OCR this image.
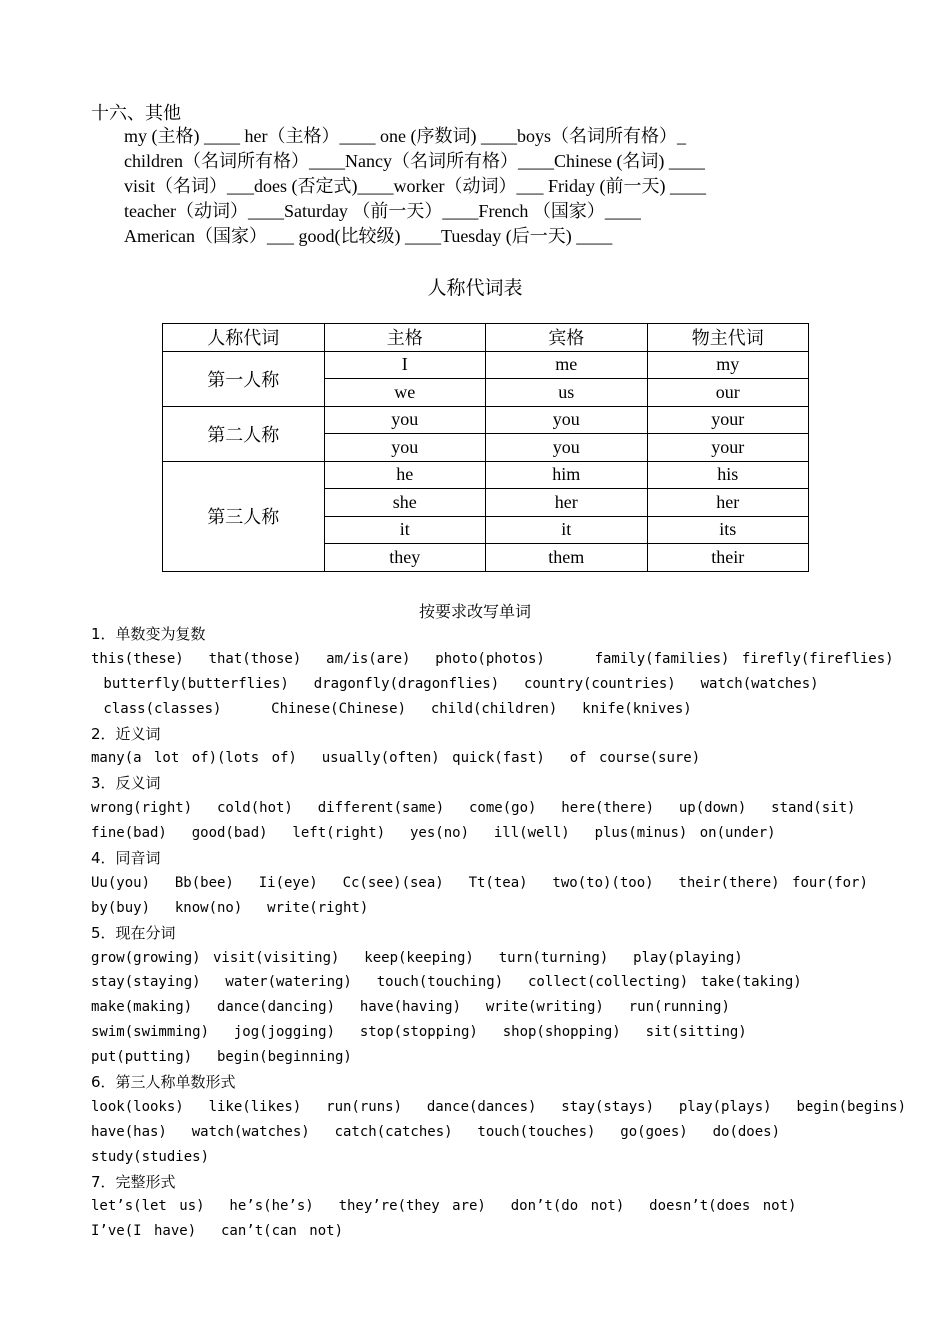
十六、其他
my (主格) ____ her（主格）____ one (序数词) ____boys（名词所有格）_
children（名词所有格）____Nancy（名词所有格）____Chinese (名词) ____
visit（名词）___does (否定式)____worker（动词）___ Friday (前一天) ____
teacher（动词）____Saturday （前一天）____French （国家）____
American（国家）___ good(比较级) ____Tuesday (后一天) ____
人称代词表
人称代词	主格	宾格	物主代词
第一人称	I	me	my
	we	us	our
第二人称	you	you	your
	you	you	your
第三人称	he	him	his
	she	her	her
	it	it	its
	they	them	their
按要求改写单词
1．单数变为复数
this(these)  that(those)  am/is(are)  photo(photos)    family(families) firefly(fireflies)
butterfly(butterflies)  dragonfly(dragonflies)  country(countries)  watch(watches)
class(classes)    Chinese(Chinese)  child(children)  knife(knives)
2．近义词
many(a lot of)(lots of)  usually(often) quick(fast)  of course(sure)
3．反义词
wrong(right)  cold(hot)  different(same)  come(go)  here(there)  up(down)  stand(sit)
fine(bad)  good(bad)  left(right)  yes(no)  ill(well)  plus(minus) on(under)
4．同音词
Uu(you)  Bb(bee)  Ii(eye)  Cc(see)(sea)  Tt(tea)  two(to)(too)  their(there) four(for)
by(buy)  know(no)  write(right)
5．现在分词
grow(growing) visit(visiting)  keep(keeping)  turn(turning)  play(playing)
stay(staying)  water(watering)  touch(touching)  collect(collecting) take(taking)
make(making)  dance(dancing)  have(having)  write(writing)  run(running)
swim(swimming)  jog(jogging)  stop(stopping)  shop(shopping)  sit(sitting)
put(putting)  begin(beginning)
6．第三人称单数形式
look(looks)  like(likes)  run(runs)  dance(dances)  stay(stays)  play(plays)  begin(begins)
have(has)  watch(watches)  catch(catches)  touch(touches)  go(goes)  do(does)
study(studies)
7．完整形式
let’s(let us)  he’s(he’s)  they’re(they are)  don’t(do not)  doesn’t(does not)
I’ve(I have)  can’t(can not)
